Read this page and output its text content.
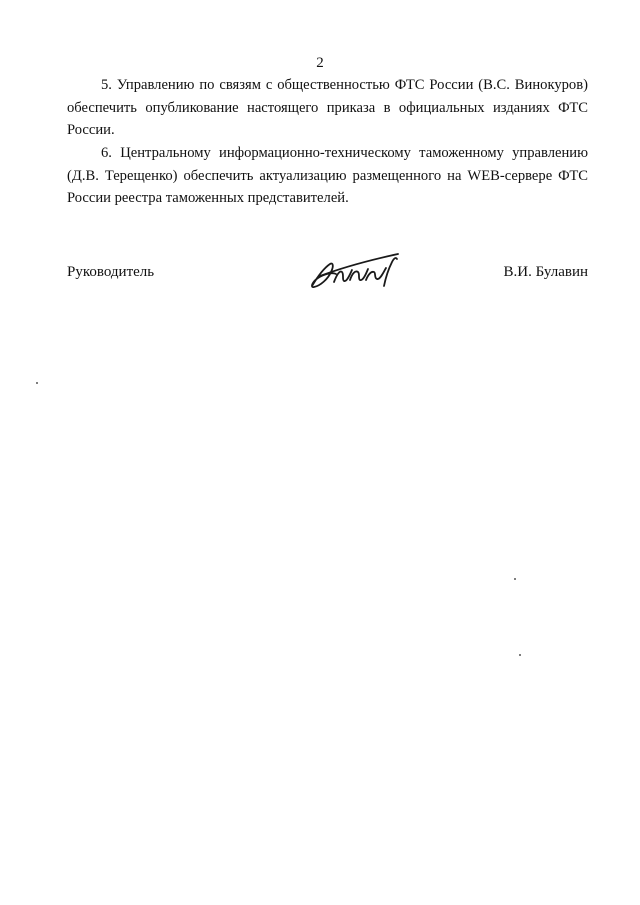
2

5. Управлению по связям с общественностью ФТС России (В.С. Винокуров) обеспечить опубликование настоящего приказа в официальных изданиях ФТС России.

6. Центральному информационно-техническому таможенному управлению (Д.В. Терещенко) обеспечить актуализацию размещенного на WEB-сервере ФТС России реестра таможенных представителей.

Руководитель	В.И. Булавин
